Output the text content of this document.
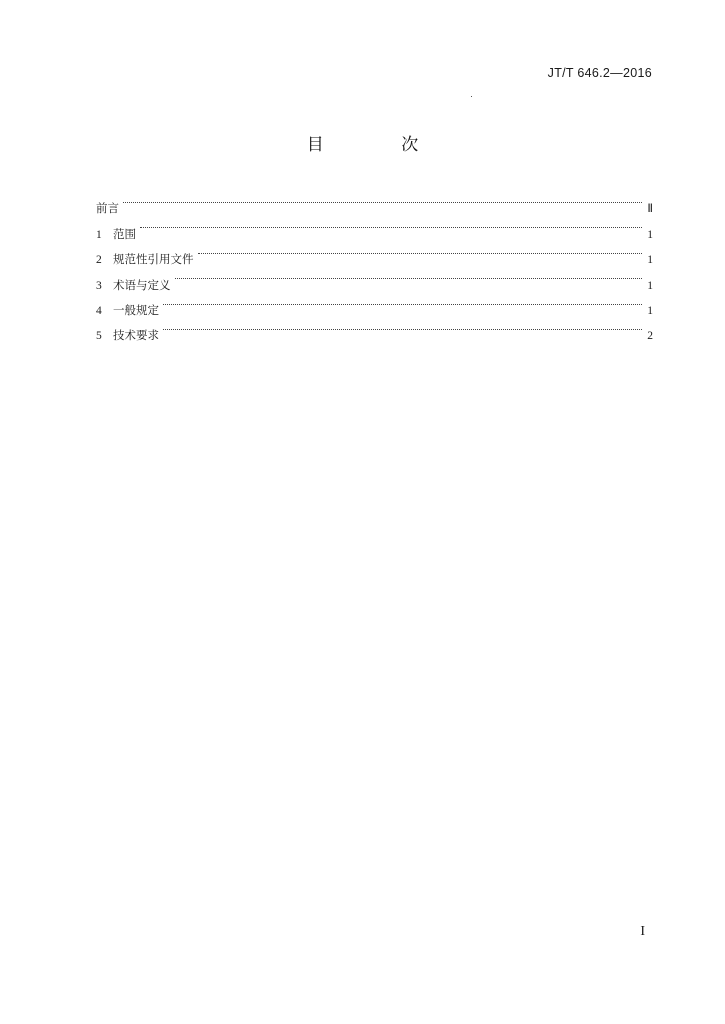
JT/T 646.2—2016
目 次
前言	Ⅱ
1 范围	1
2 规范性引用文件	1
3 术语与定义	1
4 一般规定	1
5 技术要求	2
I
